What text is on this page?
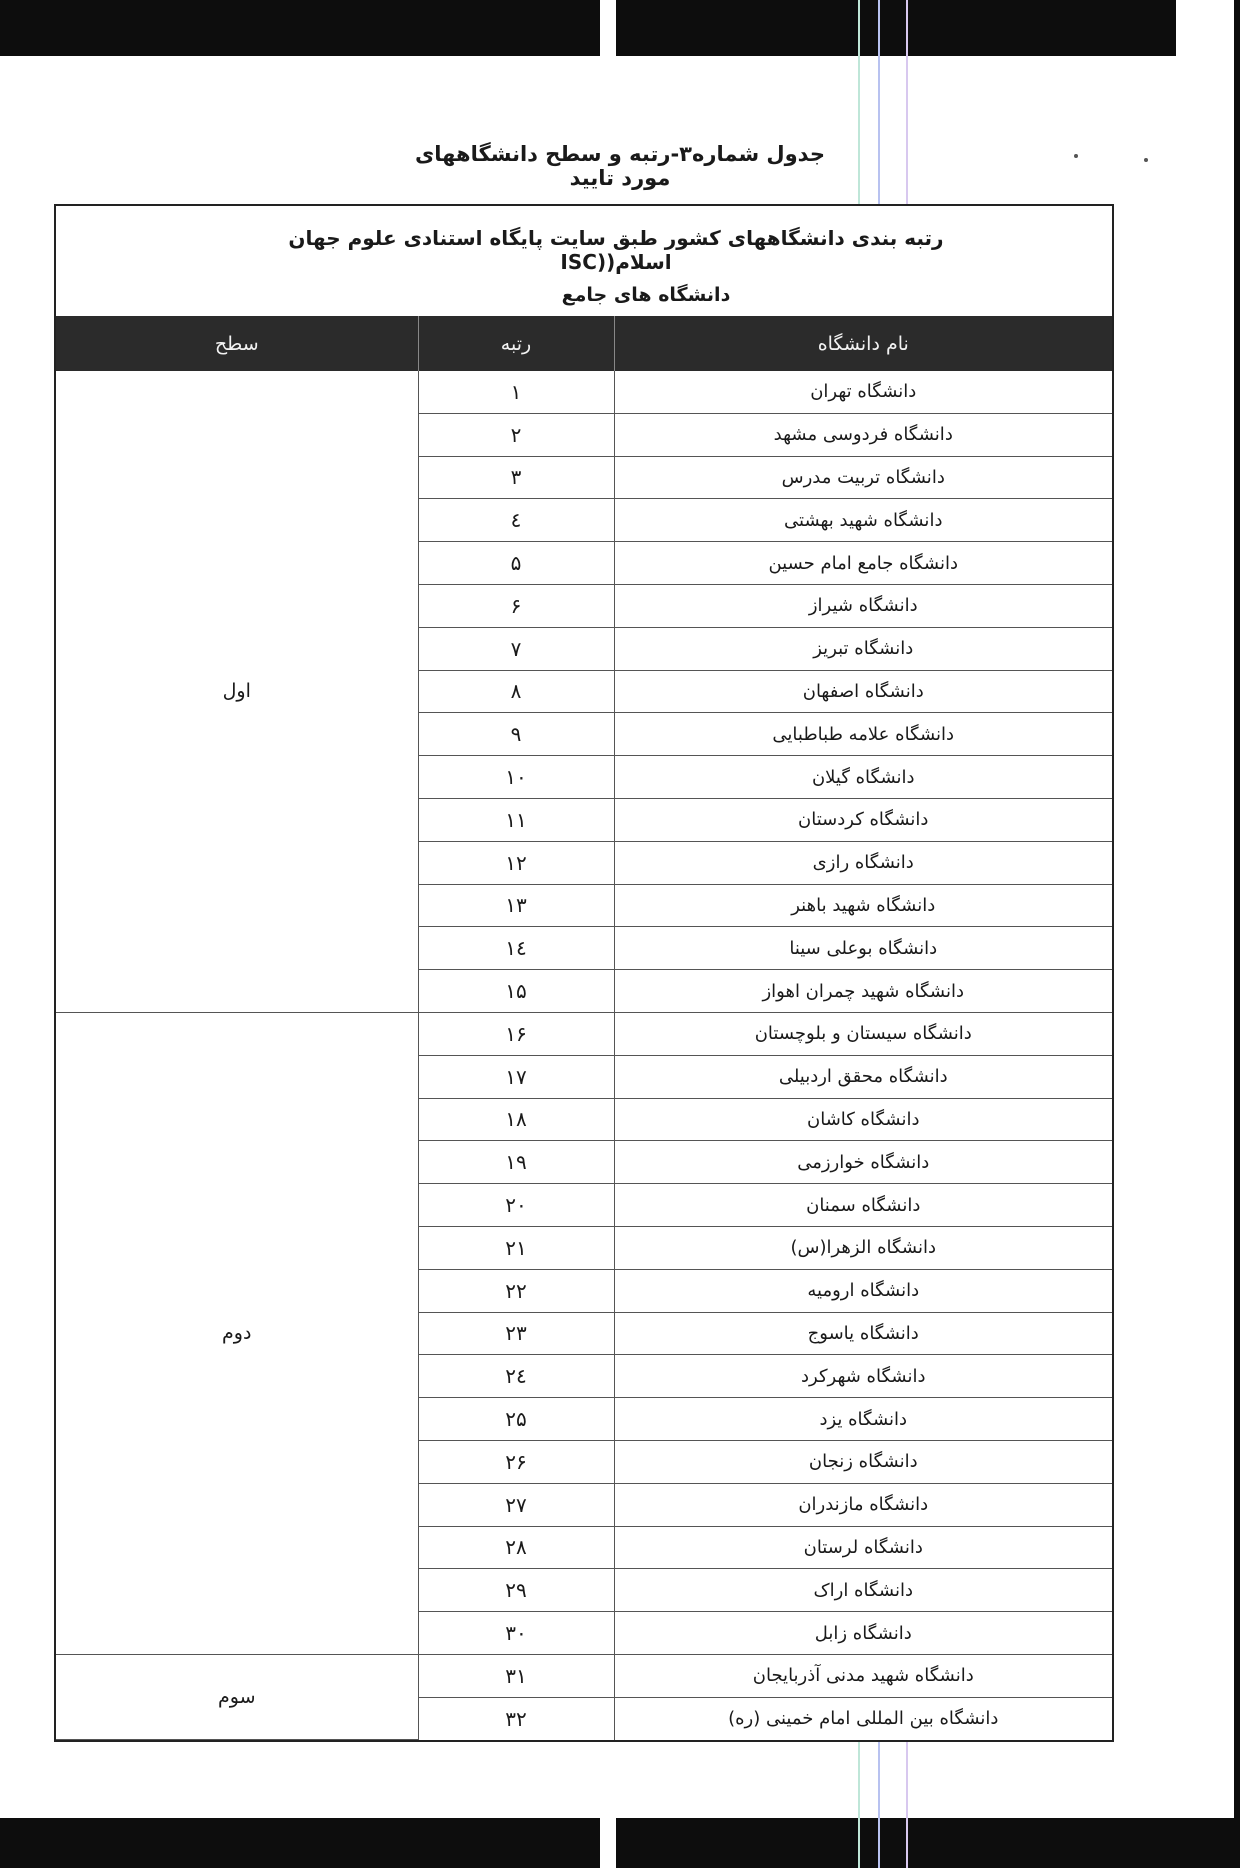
جدول شماره۳-رتبه و سطح دانشگاههای مورد تایید
رتبه بندی دانشگاههای کشور طبق سایت پایگاه استنادی علوم جهان اسلام((ISC
دانشگاه های جامع
نام دانشگاه	رتبه	سطح
دانشگاه تهران	۱	اول
دانشگاه فردوسی مشهد	۲	
دانشگاه تربیت مدرس	۳	
دانشگاه شهید بهشتی	٤	
دانشگاه جامع امام حسین	۵	
دانشگاه شیراز	۶	
دانشگاه تبریز	۷	
دانشگاه اصفهان	۸	
دانشگاه علامه طباطبایی	۹	
دانشگاه گیلان	۱۰	
دانشگاه کردستان	۱۱	
دانشگاه رازی	۱۲	
دانشگاه شهید باهنر	۱۳	
دانشگاه بوعلی سینا	۱٤	
دانشگاه شهید چمران اهواز	۱۵	
دانشگاه سیستان و بلوچستان	۱۶	دوم
دانشگاه محقق اردبیلی	۱۷	
دانشگاه کاشان	۱۸	
دانشگاه خوارزمی	۱۹	
دانشگاه سمنان	۲۰	
دانشگاه الزهرا(س)	۲۱	
دانشگاه ارومیه	۲۲	
دانشگاه یاسوج	۲۳	
دانشگاه شهرکرد	۲٤	
دانشگاه یزد	۲۵	
دانشگاه زنجان	۲۶	
دانشگاه مازندران	۲۷	
دانشگاه لرستان	۲۸	
دانشگاه اراک	۲۹	
دانشگاه زابل	۳۰	
دانشگاه شهید مدنی آذربایجان	۳۱	سوم
دانشگاه بین المللی امام خمینی (ره)	۳۲	
